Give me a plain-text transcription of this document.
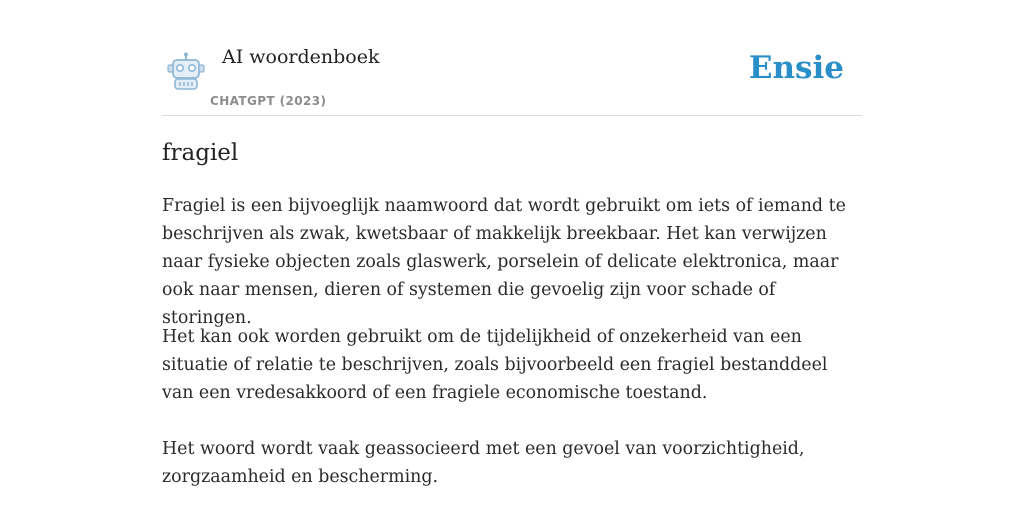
AI woordenboek
CHATGPT (2023)
Ensie
fragiel

Fragiel is een bijvoeglijk naamwoord dat wordt gebruikt om iets of iemand te beschrijven als zwak, kwetsbaar of makkelijk breekbaar. Het kan verwijzen naar fysieke objecten zoals glaswerk, porselein of delicate elektronica, maar ook naar mensen, dieren of systemen die gevoelig zijn voor schade of storingen.

Het kan ook worden gebruikt om de tijdelijkheid of onzekerheid van een situatie of relatie te beschrijven, zoals bijvoorbeeld een fragiel bestanddeel van een vredesakkoord of een fragiele economische toestand.

Het woord wordt vaak geassocieerd met een gevoel van voorzichtigheid, zorgzaamheid en bescherming.
